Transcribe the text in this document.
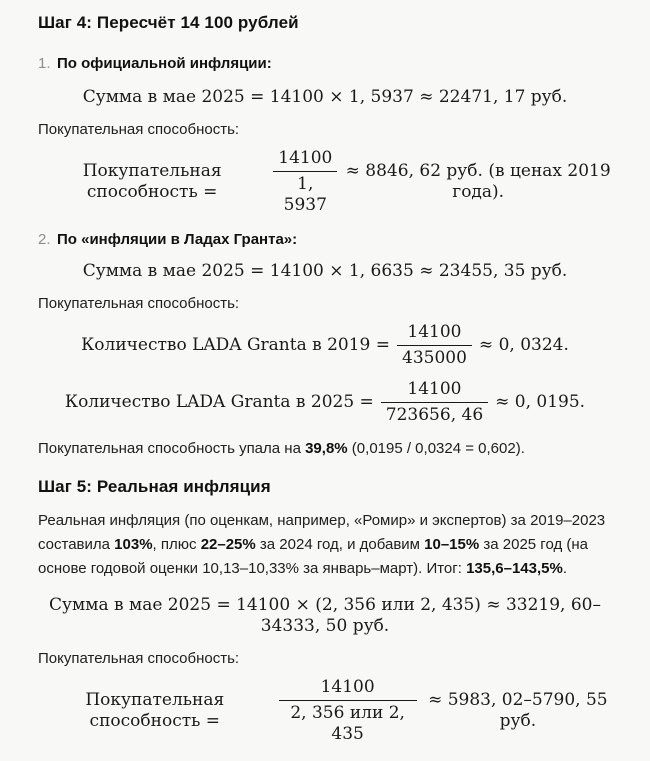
Шаг 4: Пересчёт 14 100 рублей
1. По официальной инфляции:
Сумма в мае 2025 = 14100 × 1, 5937 ≈ 22471, 17 руб.
Покупательная способность:
Покупательная способность =	$\frac{14100}{1, 5937} \approx 8846$, 62 руб. (в ценах 2019 года).
2. По «инфляции в Ладах Гранта»:
Сумма в мае 2025 = 14100 × 1, 6635 ≈ 23455, 35 руб.
Покупательная способность:
Количество LADA Granta в $2019 = \frac{14100}{435000} \approx 0$, 0324.
Количество LADA Granta в $2025 = \frac{14100}{723656, 46} \approx 0$, 0195.
Покупательная способность упала на 39,8% (0,0195 / 0,0324 = 0,602).
Шаг 5: Реальная инфляция
Реальная инфляция (по оценкам, например, «Ромир» и экспертов) за 2019–2023 составила 103%, плюс 22–25% за 2024 год, и добавим 10–15% за 2025 год (на основе годовой оценки 10,13–10,33% за январь–март). Итог: 135,6–143,5%.
Сумма в мае 2025 = 14100 × (2, 356 или 2, 435) ≈ 33219, 60–34333, 50 руб.
Покупательная способность:
Покупательная способность =	$\frac{14100}{\text{2, 356 или 2, 435}} \approx 5983$, 02–5790, 55 руб.
